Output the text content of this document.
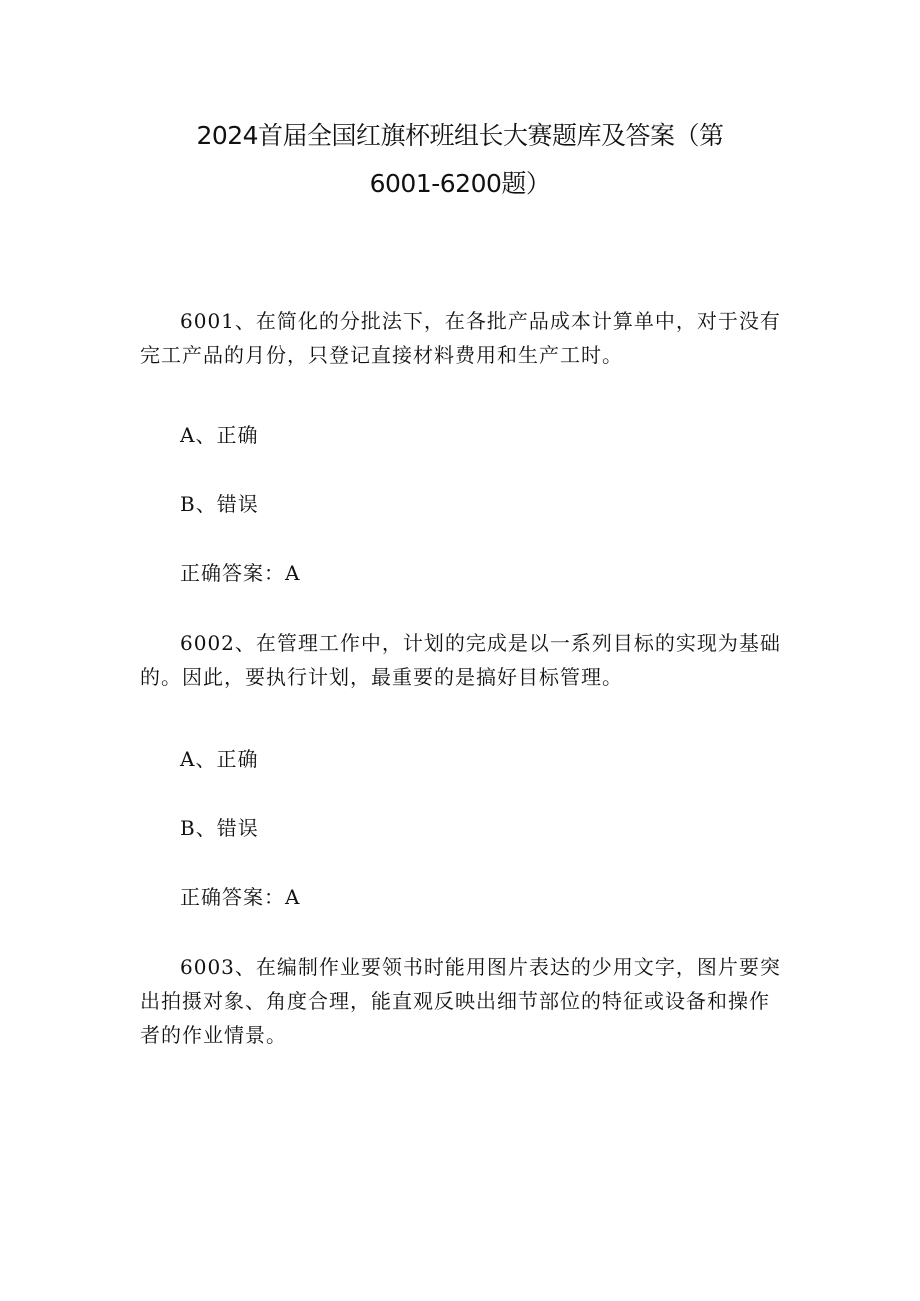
2024首届全国红旗杯班组长大赛题库及答案（第
6001-6200题）

6001、在简化的分批法下，在各批产品成本计算单中，对于没有完工产品的月份，只登记直接材料费用和生产工时。

A、正确

B、错误

正确答案：A

6002、在管理工作中，计划的完成是以一系列目标的实现为基础的。因此，要执行计划，最重要的是搞好目标管理。

A、正确

B、错误

正确答案：A

6003、在编制作业要领书时能用图片表达的少用文字，图片要突出拍摄对象、角度合理，能直观反映出细节部位的特征或设备和操作者的作业情景。
